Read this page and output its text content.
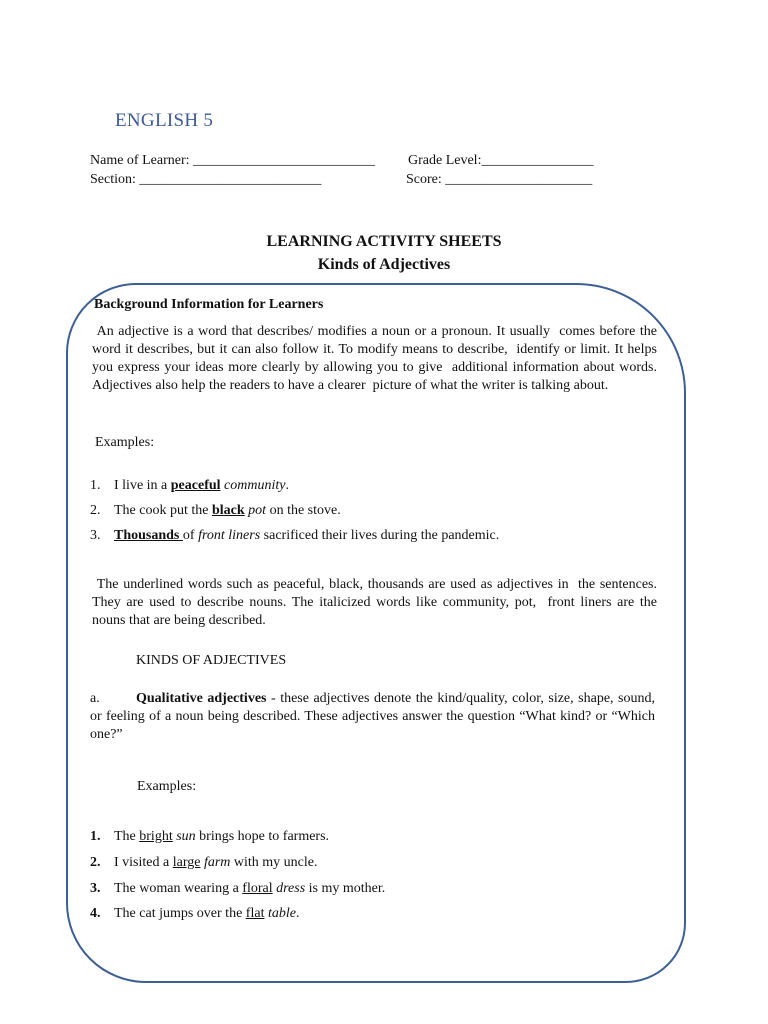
ENGLISH 5
Name of Learner: __________________________ Grade Level:________________
Section: __________________________	Score: _____________________
LEARNING ACTIVITY SHEETS
Kinds of Adjectives
Background Information for Learners
An adjective is a word that describes/ modifies a noun or a pronoun. It usually  comes before the word it describes, but it can also follow it. To modify means to describe,  identify or limit. It helps you express your ideas more clearly by allowing you to give  additional information about words. Adjectives also help the readers to have a clearer  picture of what the writer is talking about.
Examples:
1. I live in a peaceful community.
2. The cook put the black pot on the stove.
3. Thousands of front liners sacrificed their lives during the pandemic.
The underlined words such as peaceful, black, thousands are used as adjectives in  the sentences. They are used to describe nouns. The italicized words like community, pot,  front liners are the nouns that are being described.
KINDS OF ADJECTIVES
a.	Qualitative adjectives - these adjectives denote the kind/quality, color, size, shape, sound, or feeling of a noun being described. These adjectives answer the question “What kind? or “Which one?”
Examples:
1. The bright sun brings hope to farmers.
2. I visited a large farm with my uncle.
3. The woman wearing a floral dress is my mother.
4. The cat jumps over the flat table.
